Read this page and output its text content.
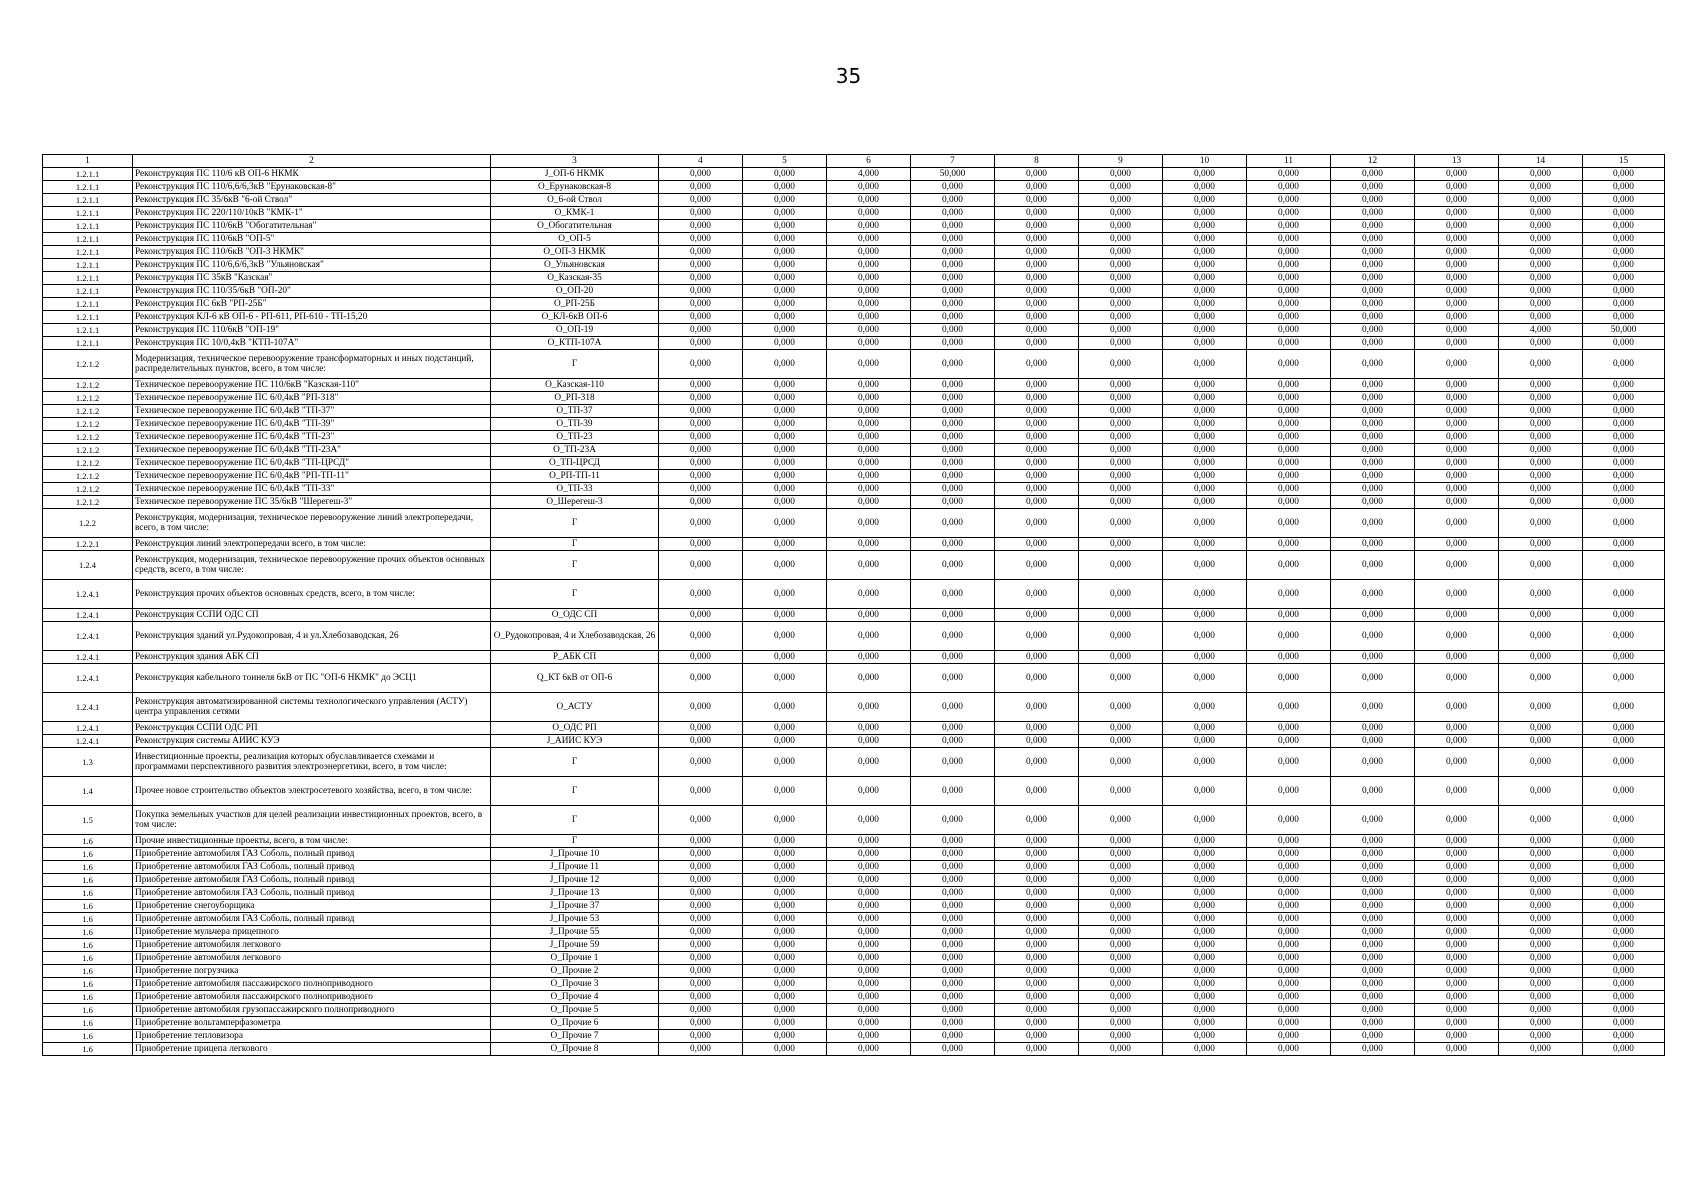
35
1	2	3	4	5	6	7	8	9	10	11	12	13	14	15
1.2.1.1	Реконструкция ПС 110/6 кВ ОП-6 НКМК	J_ОП-6 НКМК	0,000	0,000	4,000	50,000	0,000	0,000	0,000	0,000	0,000	0,000	0,000	0,000
1.2.1.1	Реконструкция ПС 110/6,6/6,3кВ "Ерунаковская-8"	О_Ерунаковская-8	0,000	0,000	0,000	0,000	0,000	0,000	0,000	0,000	0,000	0,000	0,000	0,000
1.2.1.1	Реконструкция ПС 35/6кВ "6-ой Ствол"	О_6-ой Ствол	0,000	0,000	0,000	0,000	0,000	0,000	0,000	0,000	0,000	0,000	0,000	0,000
1.2.1.1	Реконструкция ПС 220/110/10кВ "КМК-1"	О_КМК-1	0,000	0,000	0,000	0,000	0,000	0,000	0,000	0,000	0,000	0,000	0,000	0,000
1.2.1.1	Реконструкция ПС 110/6кВ "Обогатительная"	О_Обогатительная	0,000	0,000	0,000	0,000	0,000	0,000	0,000	0,000	0,000	0,000	0,000	0,000
1.2.1.1	Реконструкция ПС 110/6кВ "ОП-5"	О_ОП-5	0,000	0,000	0,000	0,000	0,000	0,000	0,000	0,000	0,000	0,000	0,000	0,000
1.2.1.1	Реконструкция ПС 110/6кВ "ОП-3 НКМК"	О_ОП-3 НКМК	0,000	0,000	0,000	0,000	0,000	0,000	0,000	0,000	0,000	0,000	0,000	0,000
1.2.1.1	Реконструкция ПС 110/6,6/6,3кВ "Ульяновская"	О_Ульяновская	0,000	0,000	0,000	0,000	0,000	0,000	0,000	0,000	0,000	0,000	0,000	0,000
1.2.1.1	Реконструкция ПС 35кВ "Казская"	О_Казская-35	0,000	0,000	0,000	0,000	0,000	0,000	0,000	0,000	0,000	0,000	0,000	0,000
1.2.1.1	Реконструкция ПС 110/35/6кВ "ОП-20"	О_ОП-20	0,000	0,000	0,000	0,000	0,000	0,000	0,000	0,000	0,000	0,000	0,000	0,000
1.2.1.1	Реконструкция ПС 6кВ "РП-25Б"	О_РП-25Б	0,000	0,000	0,000	0,000	0,000	0,000	0,000	0,000	0,000	0,000	0,000	0,000
1.2.1.1	Реконструкция КЛ-6 кВ ОП-6 - РП-611, РП-610 - ТП-15,20	О_КЛ-6кВ ОП-6	0,000	0,000	0,000	0,000	0,000	0,000	0,000	0,000	0,000	0,000	0,000	0,000
1.2.1.1	Реконструкция ПС 110/6кВ "ОП-19"	О_ОП-19	0,000	0,000	0,000	0,000	0,000	0,000	0,000	0,000	0,000	0,000	4,000	50,000
1.2.1.1	Реконструкция ПС 10/0,4кВ "КТП-107А"	О_КТП-107А	0,000	0,000	0,000	0,000	0,000	0,000	0,000	0,000	0,000	0,000	0,000	0,000
1.2.1.2	Модернизация, техническое перевооружение трансформаторных и иных подстанций, распределительных пунктов, всего, в том числе:	Г	0,000	0,000	0,000	0,000	0,000	0,000	0,000	0,000	0,000	0,000	0,000	0,000
1.2.1.2	Техническое перевооружение ПС 110/6кВ "Казская-110"	О_Казская-110	0,000	0,000	0,000	0,000	0,000	0,000	0,000	0,000	0,000	0,000	0,000	0,000
1.2.1.2	Техническое перевооружение ПС 6/0,4кВ "РП-318"	О_РП-318	0,000	0,000	0,000	0,000	0,000	0,000	0,000	0,000	0,000	0,000	0,000	0,000
1.2.1.2	Техническое перевооружение ПС 6/0,4кВ "ТП-37"	О_ТП-37	0,000	0,000	0,000	0,000	0,000	0,000	0,000	0,000	0,000	0,000	0,000	0,000
1.2.1.2	Техническое перевооружение ПС 6/0,4кВ "ТП-39"	О_ТП-39	0,000	0,000	0,000	0,000	0,000	0,000	0,000	0,000	0,000	0,000	0,000	0,000
1.2.1.2	Техническое перевооружение ПС 6/0,4кВ "ТП-23"	О_ТП-23	0,000	0,000	0,000	0,000	0,000	0,000	0,000	0,000	0,000	0,000	0,000	0,000
1.2.1.2	Техническое перевооружение ПС 6/0,4кВ "ТП-23А"	О_ТП-23А	0,000	0,000	0,000	0,000	0,000	0,000	0,000	0,000	0,000	0,000	0,000	0,000
1.2.1.2	Техническое перевооружение ПС 6/0,4кВ "ТП-ЦРСД"	О_ТП-ЦРСД	0,000	0,000	0,000	0,000	0,000	0,000	0,000	0,000	0,000	0,000	0,000	0,000
1.2.1.2	Техническое перевооружение ПС 6/0,4кВ "РП-ТП-11"	О_РП-ТП-11	0,000	0,000	0,000	0,000	0,000	0,000	0,000	0,000	0,000	0,000	0,000	0,000
1.2.1.2	Техническое перевооружение ПС 6/0,4кВ "ТП-33"	О_ТП-33	0,000	0,000	0,000	0,000	0,000	0,000	0,000	0,000	0,000	0,000	0,000	0,000
1.2.1.2	Техническое перевооружение ПС 35/6кВ "Шерегеш-3"	О_Шерегеш-3	0,000	0,000	0,000	0,000	0,000	0,000	0,000	0,000	0,000	0,000	0,000	0,000
1.2.2	Реконструкция, модернизация, техническое перевооружение линий электропередачи, всего, в том числе:	Г	0,000	0,000	0,000	0,000	0,000	0,000	0,000	0,000	0,000	0,000	0,000	0,000
1.2.2.1	Реконструкция линий электропередачи всего, в том числе:	Г	0,000	0,000	0,000	0,000	0,000	0,000	0,000	0,000	0,000	0,000	0,000	0,000
1.2.4	Реконструкция, модернизация, техническое перевооружение прочих объектов основных средств, всего, в том числе:	Г	0,000	0,000	0,000	0,000	0,000	0,000	0,000	0,000	0,000	0,000	0,000	0,000
1.2.4.1	Реконструкция прочих объектов основных средств, всего, в том числе:	Г	0,000	0,000	0,000	0,000	0,000	0,000	0,000	0,000	0,000	0,000	0,000	0,000
1.2.4.1	Реконструкция ССПИ ОДС СП	О_ОДС СП	0,000	0,000	0,000	0,000	0,000	0,000	0,000	0,000	0,000	0,000	0,000	0,000
1.2.4.1	Реконструкция зданий ул.Рудокопровая, 4 и ул.Хлебозаводская, 26	О_Рудокопровая, 4 и Хлебозаводская, 26	0,000	0,000	0,000	0,000	0,000	0,000	0,000	0,000	0,000	0,000	0,000	0,000
1.2.4.1	Реконструкция здания АБК СП	Р_АБК СП	0,000	0,000	0,000	0,000	0,000	0,000	0,000	0,000	0,000	0,000	0,000	0,000
1.2.4.1	Реконструкция кабельного тоннеля 6кВ от ПС "ОП-6 НКМК" до ЭСЦ1	Q_КТ 6кВ от ОП-6	0,000	0,000	0,000	0,000	0,000	0,000	0,000	0,000	0,000	0,000	0,000	0,000
1.2.4.1	Реконструкция автоматизированной системы технологического управления (АСТУ) центра управления сетями	О_АСТУ	0,000	0,000	0,000	0,000	0,000	0,000	0,000	0,000	0,000	0,000	0,000	0,000
1.2.4.1	Реконструкция ССПИ ОДС РП	О_ОДС РП	0,000	0,000	0,000	0,000	0,000	0,000	0,000	0,000	0,000	0,000	0,000	0,000
1.2.4.1	Реконструкция системы АИИС КУЭ	J_АИИС КУЭ	0,000	0,000	0,000	0,000	0,000	0,000	0,000	0,000	0,000	0,000	0,000	0,000
1.3	Инвестиционные проекты, реализация которых обуславливается схемами и программами перспективного развития электроэнергетики, всего, в том числе:	Г	0,000	0,000	0,000	0,000	0,000	0,000	0,000	0,000	0,000	0,000	0,000	0,000
1.4	Прочее новое строительство объектов электросетевого хозяйства, всего, в том числе:	Г	0,000	0,000	0,000	0,000	0,000	0,000	0,000	0,000	0,000	0,000	0,000	0,000
1.5	Покупка земельных участков для целей реализации инвестиционных проектов, всего, в том числе:	Г	0,000	0,000	0,000	0,000	0,000	0,000	0,000	0,000	0,000	0,000	0,000	0,000
1.6	Прочие инвестиционные проекты, всего, в том числе:	Г	0,000	0,000	0,000	0,000	0,000	0,000	0,000	0,000	0,000	0,000	0,000	0,000
1.6	Приобретение автомобиля ГАЗ Соболь, полный привод	J_Прочие 10	0,000	0,000	0,000	0,000	0,000	0,000	0,000	0,000	0,000	0,000	0,000	0,000
1.6	Приобретение автомобиля ГАЗ Соболь, полный привод	J_Прочие 11	0,000	0,000	0,000	0,000	0,000	0,000	0,000	0,000	0,000	0,000	0,000	0,000
1.6	Приобретение автомобиля ГАЗ Соболь, полный привод	J_Прочие 12	0,000	0,000	0,000	0,000	0,000	0,000	0,000	0,000	0,000	0,000	0,000	0,000
1.6	Приобретение автомобиля ГАЗ Соболь, полный привод	J_Прочие 13	0,000	0,000	0,000	0,000	0,000	0,000	0,000	0,000	0,000	0,000	0,000	0,000
1.6	Приобретение снегоуборщика	J_Прочие 37	0,000	0,000	0,000	0,000	0,000	0,000	0,000	0,000	0,000	0,000	0,000	0,000
1.6	Приобретение автомобиля ГАЗ Соболь, полный привод	J_Прочие 53	0,000	0,000	0,000	0,000	0,000	0,000	0,000	0,000	0,000	0,000	0,000	0,000
1.6	Приобретение мульчера прицепного	J_Прочие 55	0,000	0,000	0,000	0,000	0,000	0,000	0,000	0,000	0,000	0,000	0,000	0,000
1.6	Приобретение автомобиля легкового	J_Прочие 59	0,000	0,000	0,000	0,000	0,000	0,000	0,000	0,000	0,000	0,000	0,000	0,000
1.6	Приобретение автомобиля легкового	О_Прочие 1	0,000	0,000	0,000	0,000	0,000	0,000	0,000	0,000	0,000	0,000	0,000	0,000
1.6	Приобретение погрузчика	О_Прочие 2	0,000	0,000	0,000	0,000	0,000	0,000	0,000	0,000	0,000	0,000	0,000	0,000
1.6	Приобретение автомобиля пассажирского полноприводного	О_Прочие 3	0,000	0,000	0,000	0,000	0,000	0,000	0,000	0,000	0,000	0,000	0,000	0,000
1.6	Приобретение автомобиля пассажирского полноприводного	О_Прочие 4	0,000	0,000	0,000	0,000	0,000	0,000	0,000	0,000	0,000	0,000	0,000	0,000
1.6	Приобретение автомобиля грузопассажирского полноприводного	О_Прочие 5	0,000	0,000	0,000	0,000	0,000	0,000	0,000	0,000	0,000	0,000	0,000	0,000
1.6	Приобретение вольтамперфазометра	О_Прочие 6	0,000	0,000	0,000	0,000	0,000	0,000	0,000	0,000	0,000	0,000	0,000	0,000
1.6	Приобретение тепловизора	О_Прочие 7	0,000	0,000	0,000	0,000	0,000	0,000	0,000	0,000	0,000	0,000	0,000	0,000
1.6	Приобретение прицепа легкового	О_Прочие 8	0,000	0,000	0,000	0,000	0,000	0,000	0,000	0,000	0,000	0,000	0,000	0,000
